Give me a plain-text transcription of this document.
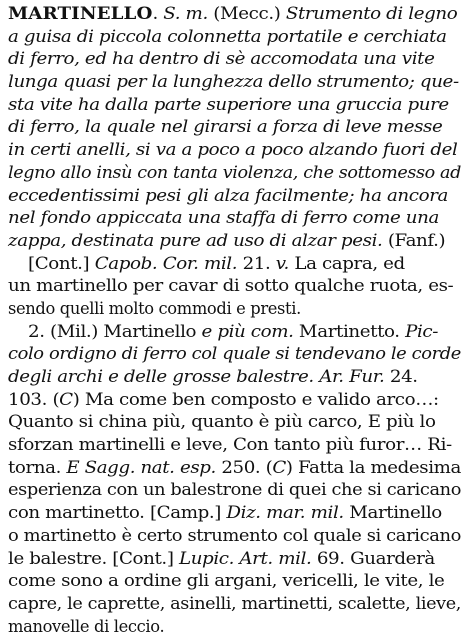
MARTINELLO. S. m. (Mecc.) Strumento di legno
a guisa di piccola colonnetta portatile e cerchiata
di ferro, ed ha dentro di sè accomodata una vite
lunga quasi per la lunghezza dello strumento; que-
sta vite ha dalla parte superiore una gruccia pure
di ferro, la quale nel girarsi a forza di leve messe
in certi anelli, si va a poco a poco alzando fuori del
legno allo insù con tanta violenza, che sottomesso ad
eccedentissimi pesi gli alza facilmente; ha ancora
nel fondo appiccata una staffa di ferro come una
zappa, destinata pure ad uso di alzar pesi. (Fanf.)
[Cont.] Capob. Cor. mil. 21. v. La capra, ed
un martinello per cavar di sotto qualche ruota, es-
sendo quelli molto commodi e presti.
2. (Mil.) Martinello e più com. Martinetto. Pic-
colo ordigno di ferro col quale si tendevano le corde
degli archi e delle grosse balestre. Ar. Fur. 24.
103. (C) Ma come ben composto e valido arco…:
Quanto si china più, quanto è più carco, E più lo
sforzan martinelli e leve, Con tanto più furor… Ri-
torna. E Sagg. nat. esp. 250. (C) Fatta la medesima
esperienza con un balestrone di quei che si caricano
con martinetto. [Camp.] Diz. mar. mil. Martinello
o martinetto è certo strumento col quale si caricano
le balestre. [Cont.] Lupic. Art. mil. 69. Guarderà
come sono a ordine gli argani, vericelli, le vite, le
capre, le caprette, asinelli, martinetti, scalette, lieve,
manovelle di leccio.
